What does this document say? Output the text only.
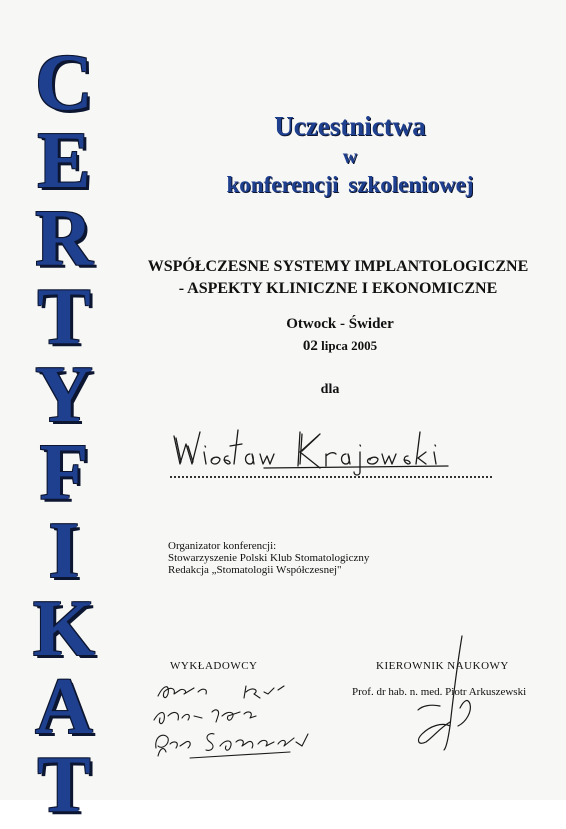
C
E
R
T
Y
F
I
K
A
T
Uczestnictwa
w
konferencji szkoleniowej
WSPÓŁCZESNE SYSTEMY IMPLANTOLOGICZNE
- ASPEKTY KLINICZNE I EKONOMICZNE
Otwock - Świder
02 lipca 2005
dla
Organizator konferencji:
Stowarzyszenie Polski Klub Stomatologiczny
Redakcja „Stomatologii Współczesnej"
WYKŁADOWCY	KIEROWNIK NAUKOWY
Prof. dr hab. n. med. Piotr Arkuszewski
